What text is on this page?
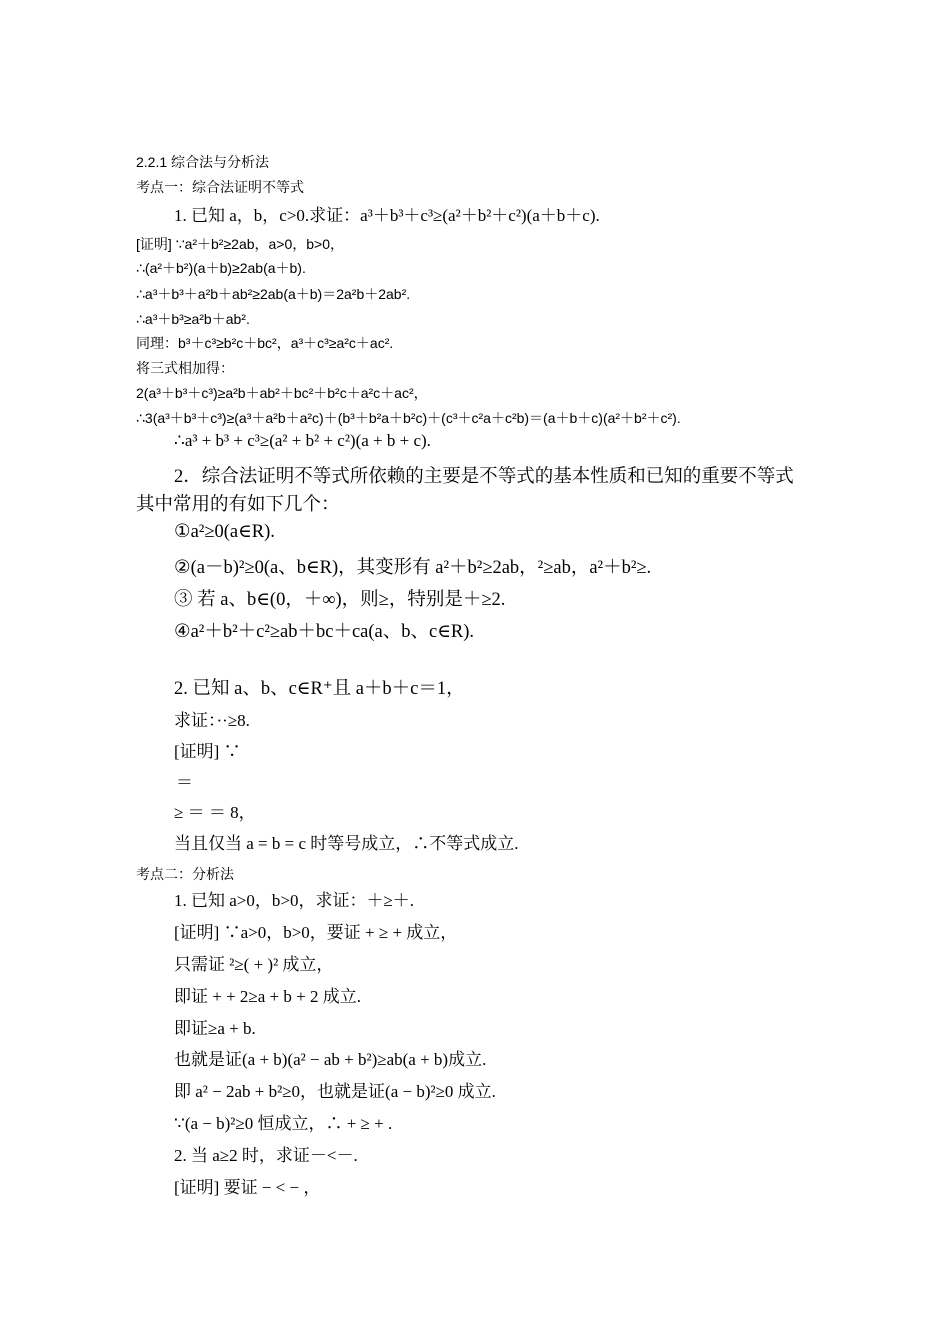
2.2.1 综合法与分析法
考点一：综合法证明不等式
1. 已知 a，b，c>0.求证：a³＋b³＋c³≥(a²＋b²＋c²)(a＋b＋c).
[证明] ∵a²＋b²≥2ab，a>0，b>0，
∴(a²＋b²)(a＋b)≥2ab(a＋b).
∴a³＋b³＋a²b＋ab²≥2ab(a＋b)＝2a²b＋2ab².
∴a³＋b³≥a²b＋ab².
同理：b³＋c³≥b²c＋bc²，a³＋c³≥a²c＋ac².
将三式相加得：
2(a³＋b³＋c³)≥a²b＋ab²＋bc²＋b²c＋a²c＋ac²，
∴3(a³＋b³＋c³)≥(a³＋a²b＋a²c)＋(b³＋b²a＋b²c)＋(c³＋c²a＋c²b)＝(a＋b＋c)(a²＋b²＋c²).
∴a³ + b³ + c³≥(a² + b² + c²)(a + b + c).
2．综合法证明不等式所依赖的主要是不等式的基本性质和已知的重要不等式
其中常用的有如下几个：
①a²≥0(a∈R).
②(a－b)²≥0(a、b∈R)，其变形有 a²＋b²≥2ab，²≥ab，a²＋b²≥.
③ 若 a、b∈(0，＋∞)，则≥，特别是＋≥2.
④a²＋b²＋c²≥ab＋bc＋ca(a、b、c∈R).
2. 已知 a、b、c∈R⁺且 a＋b＋c＝1，
求证：··≥8.
[证明] ∵
＝
≥ ＝ ＝ 8，
当且仅当 a = b = c 时等号成立，∴不等式成立.
考点二：分析法
1. 已知 a>0，b>0，求证：＋≥＋.
[证明] ∵a>0，b>0，要证 + ≥ + 成立，
只需证 ²≥( + )² 成立，
即证 + + 2≥a + b + 2 成立.
即证≥a + b.
也就是证(a + b)(a² − ab + b²)≥ab(a + b)成立.
即 a² − 2ab + b²≥0，也就是证(a − b)²≥0 成立.
∵(a − b)²≥0 恒成立，∴ + ≥ + .
2. 当 a≥2 时，求证－<－.
[证明] 要证 − < − ，
